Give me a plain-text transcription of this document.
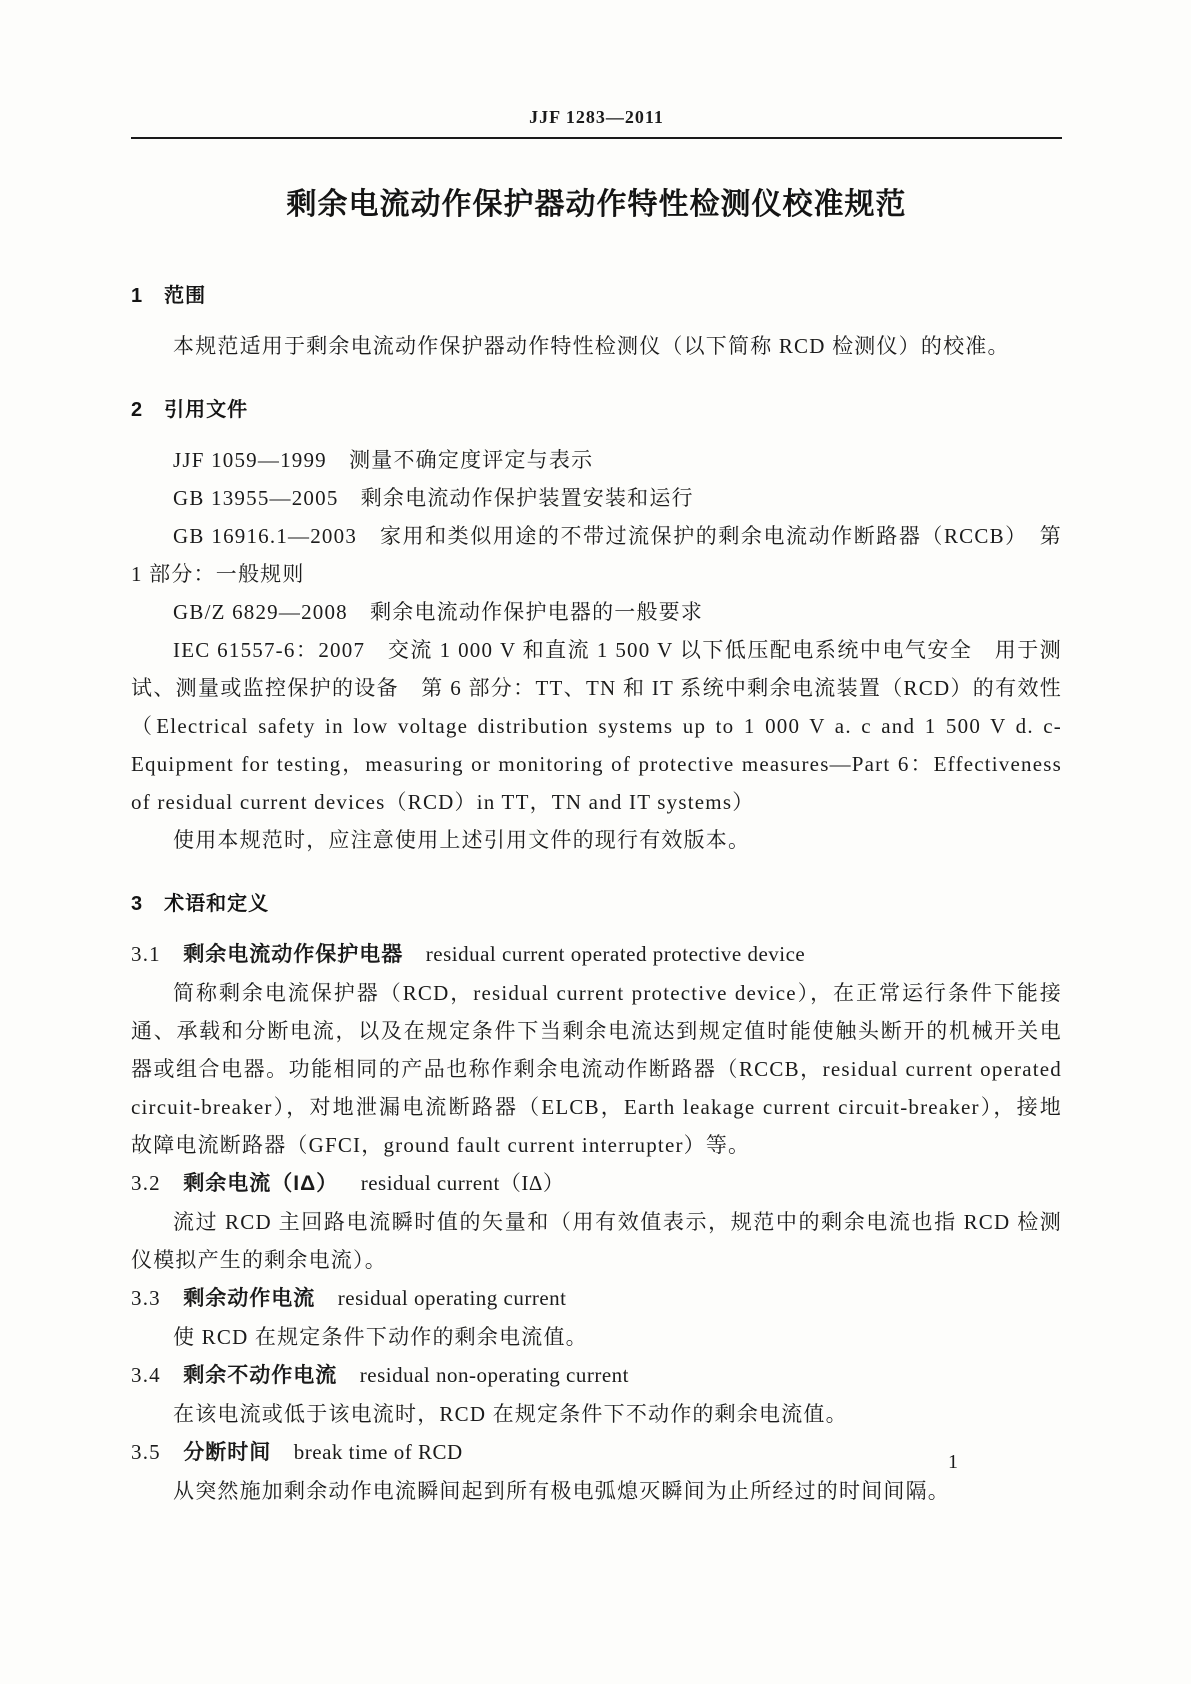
JJF 1283—2011
剩余电流动作保护器动作特性检测仪校准规范
1　范围

本规范适用于剩余电流动作保护器动作特性检测仪（以下简称 RCD 检测仪）的校准。

2　引用文件

JJF 1059—1999　测量不确定度评定与表示

GB 13955—2005　剩余电流动作保护装置安装和运行

GB 16916.1—2003　家用和类似用途的不带过流保护的剩余电流动作断路器（RCCB）　第 1 部分：一般规则

GB/Z 6829—2008　剩余电流动作保护电器的一般要求

IEC 61557-6：2007　交流 1 000 V 和直流 1 500 V 以下低压配电系统中电气安全　用于测试、测量或监控保护的设备　第 6 部分：TT、TN 和 IT 系统中剩余电流装置（RCD）的有效性（Electrical safety in low voltage distribution systems up to 1 000 V a. c and 1 500 V d. c-Equipment for testing，measuring or monitoring of protective measures—Part 6：Effectiveness of residual current devices（RCD）in TT，TN and IT systems）

使用本规范时，应注意使用上述引用文件的现行有效版本。

3　术语和定义

3.1 剩余电流动作保护电器 residual current operated protective device

简称剩余电流保护器（RCD，residual current protective device），在正常运行条件下能接通、承载和分断电流，以及在规定条件下当剩余电流达到规定值时能使触头断开的机械开关电器或组合电器。功能相同的产品也称作剩余电流动作断路器（RCCB，residual current operated circuit-breaker），对地泄漏电流断路器（ELCB，Earth leakage current circuit-breaker），接地故障电流断路器（GFCI，ground fault current interrupter）等。

3.2 剩余电流（IΔ） residual current（IΔ）

流过 RCD 主回路电流瞬时值的矢量和（用有效值表示，规范中的剩余电流也指 RCD 检测仪模拟产生的剩余电流）。

3.3 剩余动作电流 residual operating current

使 RCD 在规定条件下动作的剩余电流值。

3.4 剩余不动作电流 residual non-operating current

在该电流或低于该电流时，RCD 在规定条件下不动作的剩余电流值。

3.5 分断时间 break time of RCD

从突然施加剩余动作电流瞬间起到所有极电弧熄灭瞬间为止所经过的时间间隔。

1
